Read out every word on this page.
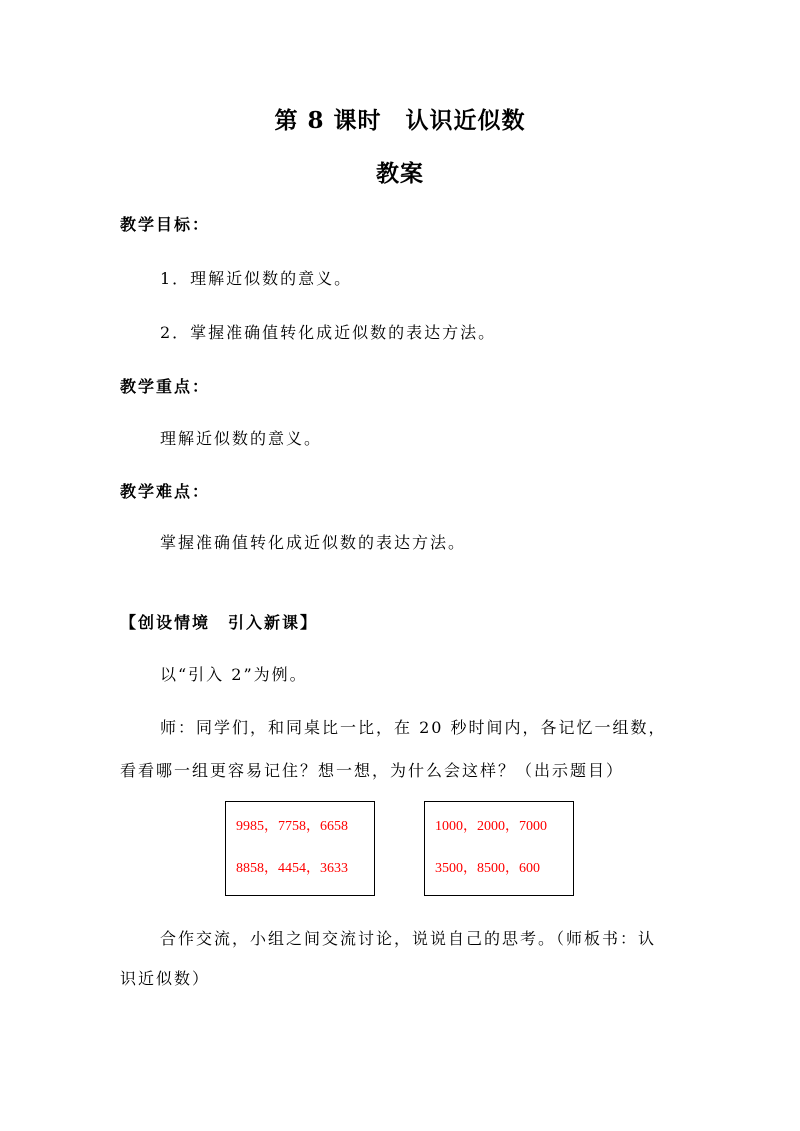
第 8 课时　认识近似数
教案
教学目标：
1．理解近似数的意义。
2．掌握准确值转化成近似数的表达方法。
教学重点：
理解近似数的意义。
教学难点：
掌握准确值转化成近似数的表达方法。
【创设情境　引入新课】
以“引入 2”为例。
师：同学们，和同桌比一比，在 20 秒时间内，各记忆一组数，
看看哪一组更容易记住？想一想，为什么会这样？（出示题目）
9985，7758，6658
8858，4454，3633
1000，2000，7000
3500，8500，600
合作交流，小组之间交流讨论，说说自己的思考。（师板书：认
识近似数）
